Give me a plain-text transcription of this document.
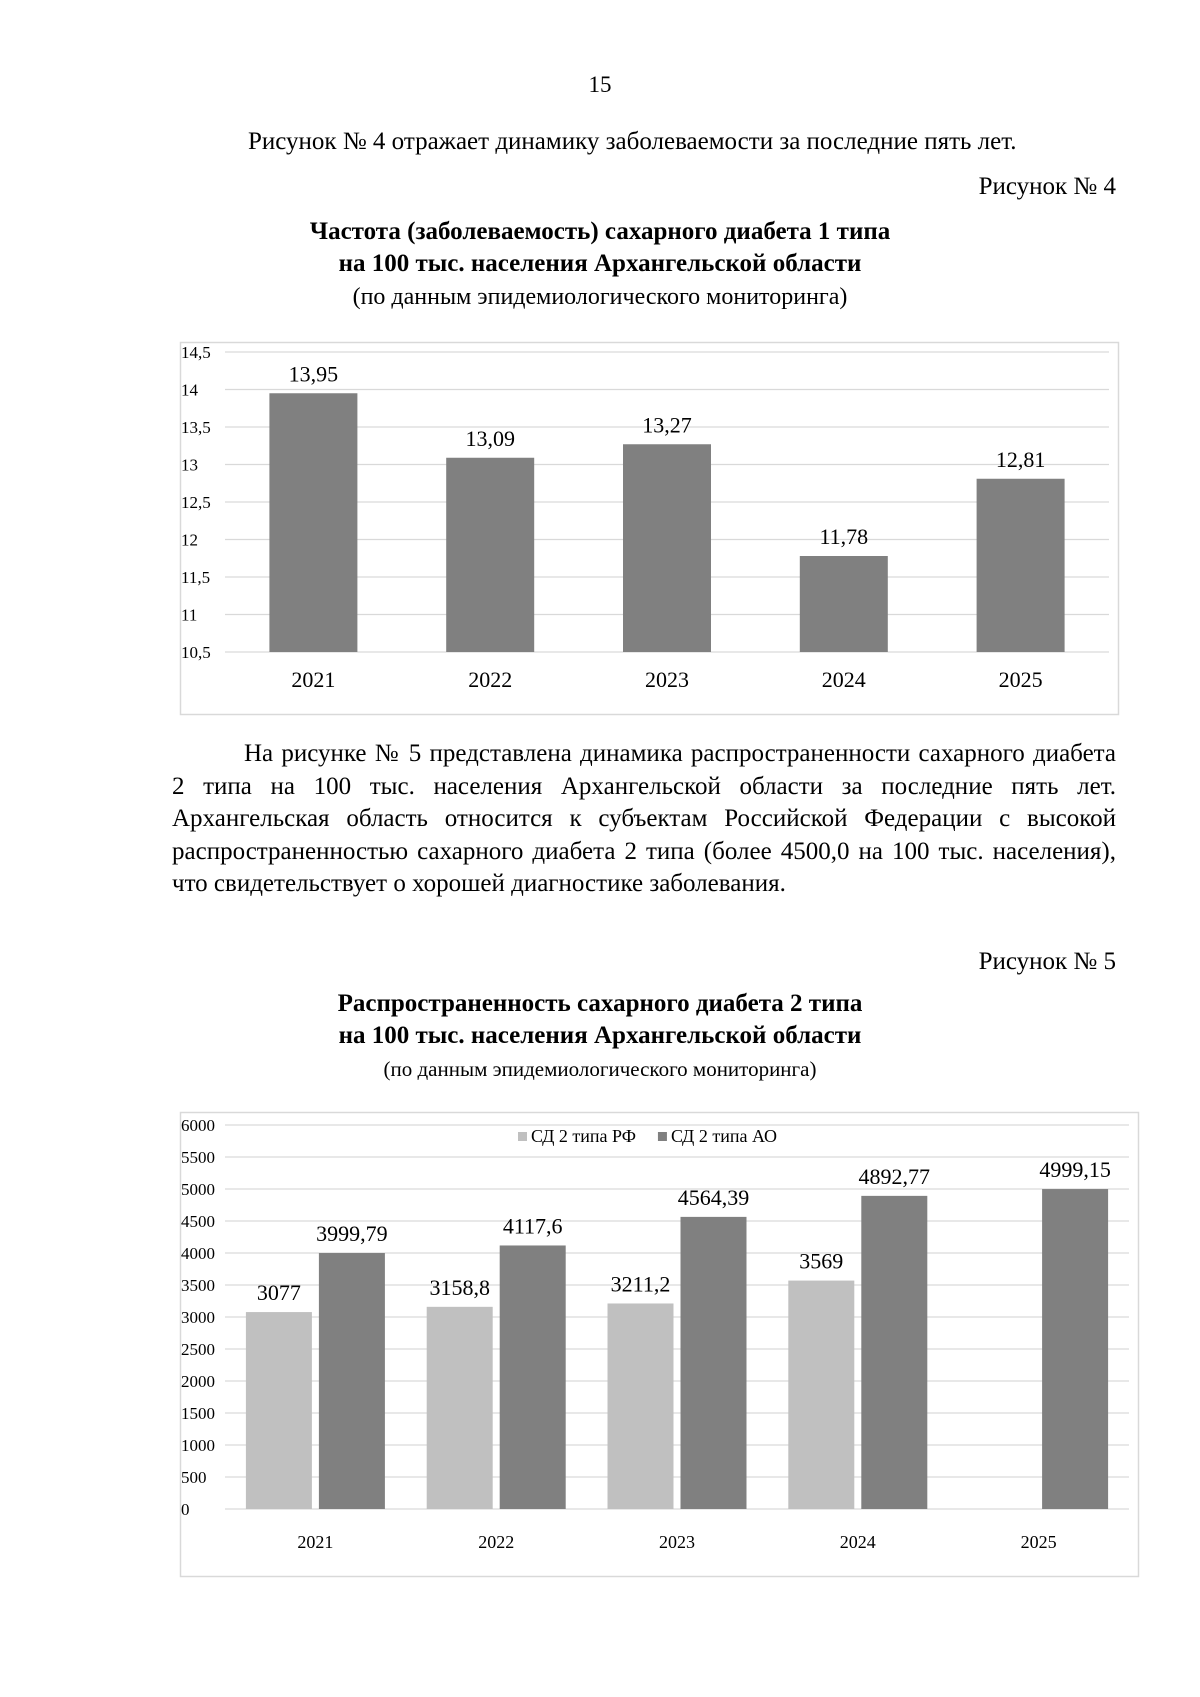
15
Рисунок № 4 отражает динамику заболеваемости за последние пять лет.
Рисунок № 4
Частота (заболеваемость) сахарного диабета 1 типа
на 100 тыс. населения Архангельской области
(по данным эпидемиологического мониторинга)
10,5
11
11,5
12
12,5
13
13,5
14
14,5
13,95
2021
13,09
2022
13,27
2023
11,78
2024
12,81
2025

На рисунке № 5 представлена динамика распространенности сахарного диабета 2 типа на 100 тыс. населения Архангельской области за последние пять лет. Архангельская область относится к субъектам Российской Федерации с высокой распространенностью сахарного диабета 2 типа (более 4500,0 на 100 тыс. населения), что свидетельствует о хорошей диагностике заболевания.

Рисунок № 5
Распространенность сахарного диабета 2 типа
на 100 тыс. населения Архангельской области
(по данным эпидемиологического мониторинга)
0
500
1000
1500
2000
2500
3000
3500
4000
4500
5000
5500
6000
3077
3999,79
2021
3158,8
4117,6
2022
3211,2
4564,39
2023
3569
4892,77
2024
4999,15
2025
СД 2 типа РФ СД 2 типа АО
